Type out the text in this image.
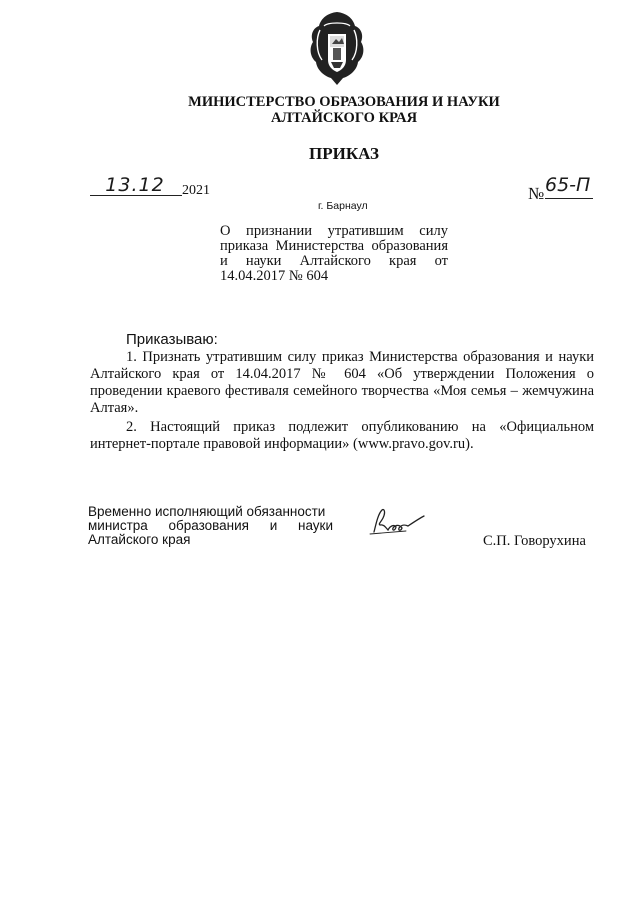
МИНИСТЕРСТВО ОБРАЗОВАНИЯ И НАУКИ
АЛТАЙСКОГО КРАЯ
ПРИКАЗ
13.12	2021	№ 65-П
г. Барнаул
О признании утратившим силу приказа Министерства образования и науки Алтайского края от 14.04.2017 № 604
Приказываю:
1. Признать утратившим силу приказ Министерства образования и науки Алтайского края от 14.04.2017 № 604 «Об утверждении Положения о проведении краевого фестиваля семейного творчества «Моя семья – жемчужина Алтая».
2. Настоящий приказ подлежит опубликованию на «Официальном интернет-портале правовой информации» (www.pravo.gov.ru).
Временно исполняющий обязанности
министра образования и науки
Алтайского края	С.П. Говорухина
